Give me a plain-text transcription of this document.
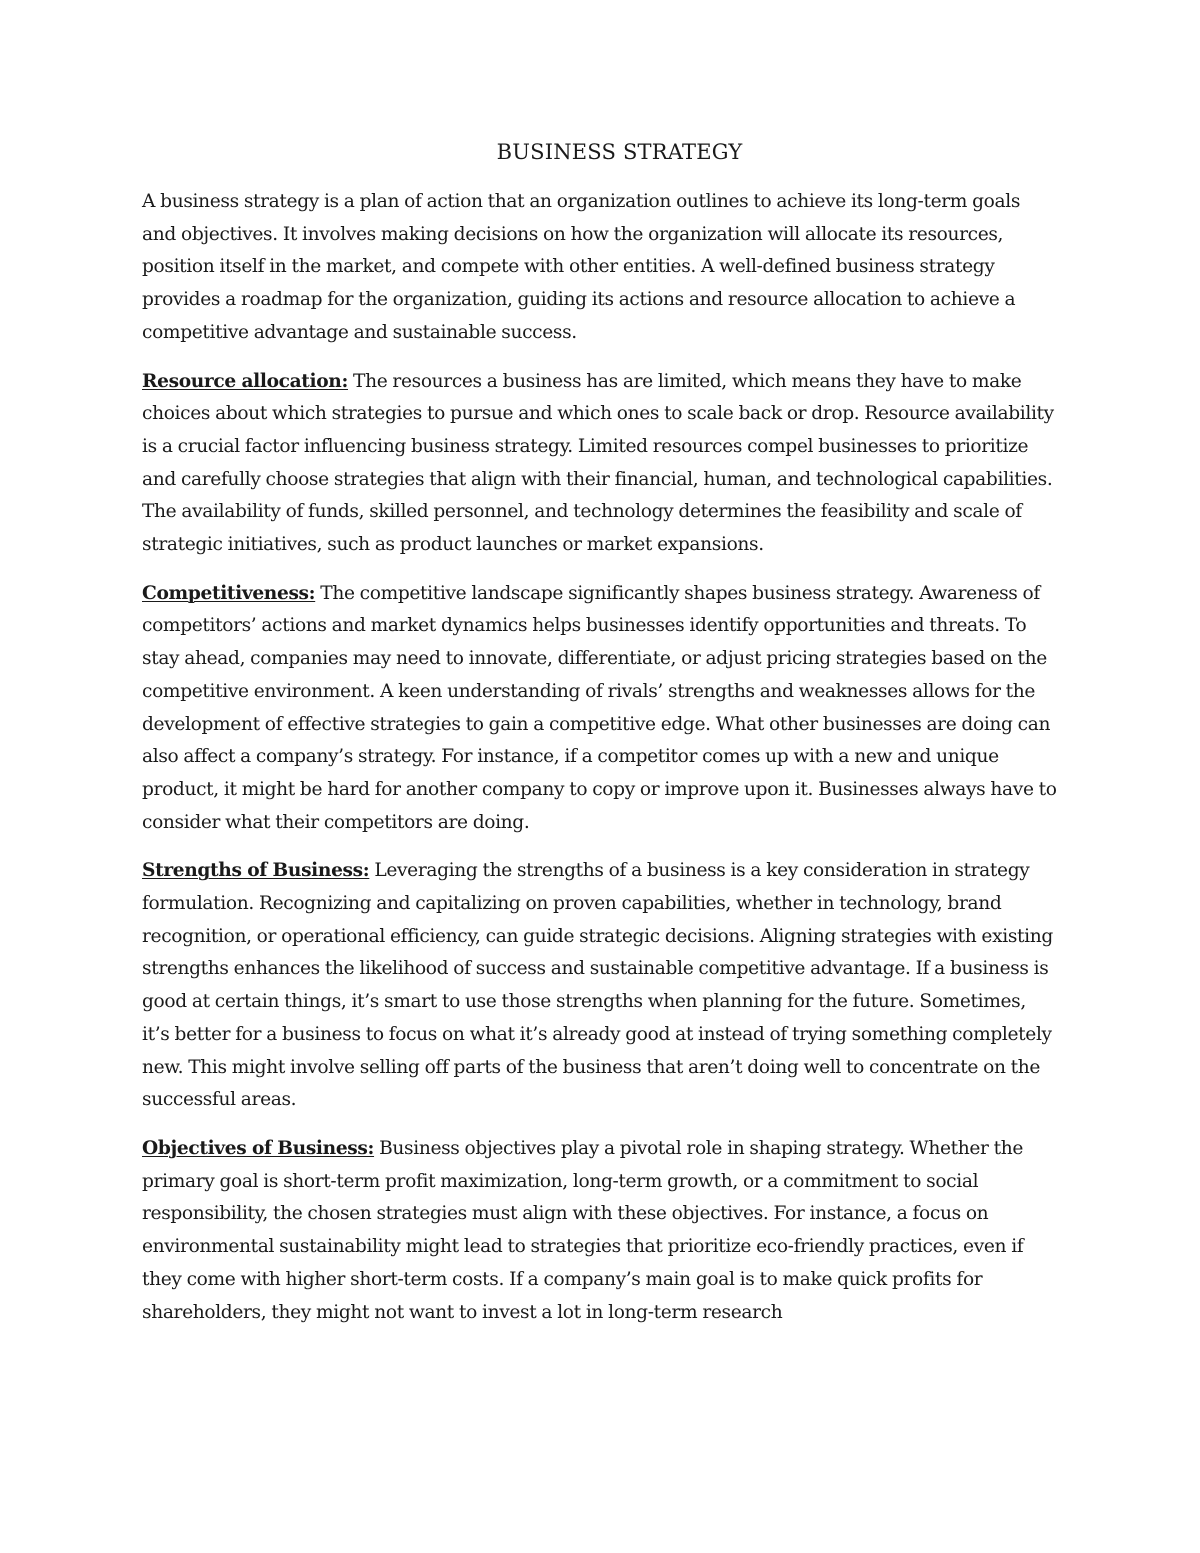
BUSINESS STRATEGY

A business strategy is a plan of action that an organization outlines to achieve its long-term goals and objectives. It involves making decisions on how the organization will allocate its resources, position itself in the market, and compete with other entities. A well-defined business strategy provides a roadmap for the organization, guiding its actions and resource allocation to achieve a competitive advantage and sustainable success.

Resource allocation: The resources a business has are limited, which means they have to make choices about which strategies to pursue and which ones to scale back or drop. Resource availability is a crucial factor influencing business strategy. Limited resources compel businesses to prioritize and carefully choose strategies that align with their financial, human, and technological capabilities. The availability of funds, skilled personnel, and technology determines the feasibility and scale of strategic initiatives, such as product launches or market expansions.

Competitiveness: The competitive landscape significantly shapes business strategy. Awareness of competitors’ actions and market dynamics helps businesses identify opportunities and threats. To stay ahead, companies may need to innovate, differentiate, or adjust pricing strategies based on the competitive environment. A keen understanding of rivals’ strengths and weaknesses allows for the development of effective strategies to gain a competitive edge. What other businesses are doing can also affect a company’s strategy. For instance, if a competitor comes up with a new and unique product, it might be hard for another company to copy or improve upon it. Businesses always have to consider what their competitors are doing.

Strengths of Business: Leveraging the strengths of a business is a key consideration in strategy formulation. Recognizing and capitalizing on proven capabilities, whether in technology, brand recognition, or operational efficiency, can guide strategic decisions. Aligning strategies with existing strengths enhances the likelihood of success and sustainable competitive advantage. If a business is good at certain things, it’s smart to use those strengths when planning for the future. Sometimes, it’s better for a business to focus on what it’s already good at instead of trying something completely new. This might involve selling off parts of the business that aren’t doing well to concentrate on the successful areas.

Objectives of Business: Business objectives play a pivotal role in shaping strategy. Whether the primary goal is short-term profit maximization, long-term growth, or a commitment to social responsibility, the chosen strategies must align with these objectives. For instance, a focus on environmental sustainability might lead to strategies that prioritize eco-friendly practices, even if they come with higher short-term costs. If a company’s main goal is to make quick profits for shareholders, they might not want to invest a lot in long-term research
